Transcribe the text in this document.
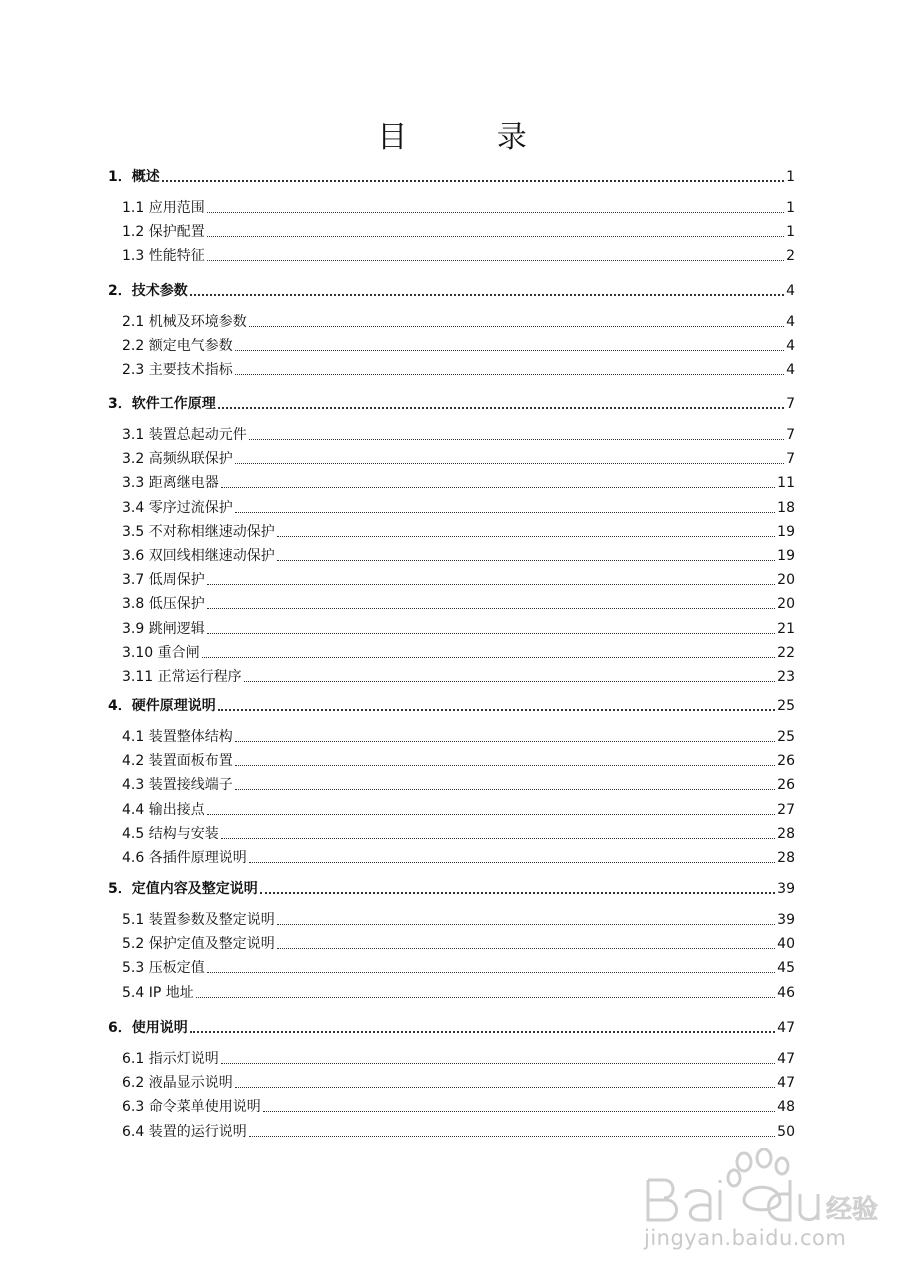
目 录
1．概述	1
1.1 应用范围	1
1.2 保护配置	1
1.3 性能特征	2
2．技术参数	4
2.1 机械及环境参数	4
2.2 额定电气参数	4
2.3 主要技术指标	4
3．软件工作原理	7
3.1 装置总起动元件	7
3.2 高频纵联保护	7
3.3 距离继电器	11
3.4 零序过流保护	18
3.5 不对称相继速动保护	19
3.6 双回线相继速动保护	19
3.7 低周保护	20
3.8 低压保护	20
3.9 跳闸逻辑	21
3.10 重合闸	22
3.11 正常运行程序	23
4．硬件原理说明	25
4.1 装置整体结构	25
4.2 装置面板布置	26
4.3 装置接线端子	26
4.4 输出接点	27
4.5 结构与安装	28
4.6 各插件原理说明	28
5．定值内容及整定说明	39
5.1 装置参数及整定说明	39
5.2 保护定值及整定说明	40
5.3 压板定值	45
5.4 IP 地址	46
6．使用说明	47
6.1 指示灯说明	47
6.2 液晶显示说明	47
6.3 命令菜单使用说明	48
6.4 装置的运行说明	50
经验
jingyan.baidu.com
